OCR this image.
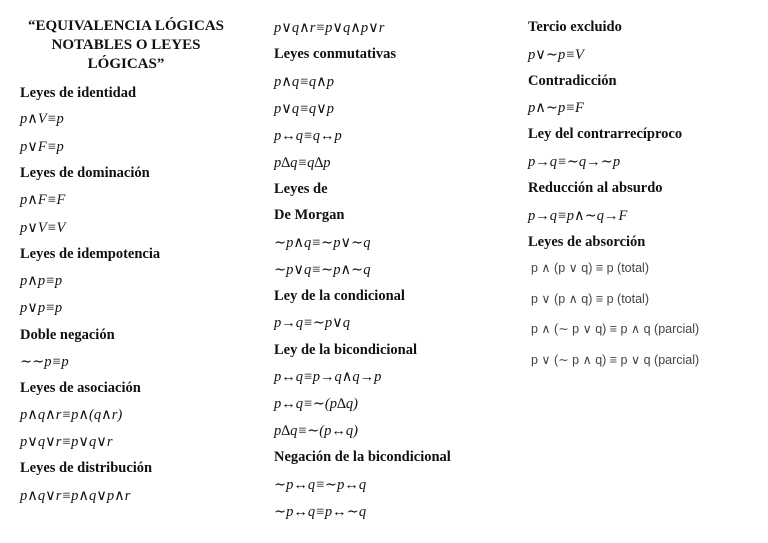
“EQUIVALENCIA LÓGICAS NOTABLES O LEYES LÓGICAS”
Leyes de identidad
p∧V≡p
p∨F≡p
Leyes de dominación
p∧F≡F
p∨V≡V
Leyes de idempotencia
p∧p≡p
p∨p≡p
Doble negación
∼∼p≡p
Leyes de asociación
p∧q∧r≡p∧(q∧r)
p∨q∨r≡p∨q∨r
Leyes de distribución
p∧q∨r≡p∧q∨p∧r
p∨q∧r≡p∨q∧p∨r
Leyes conmutativas
p∧q≡q∧p
p∨q≡q∨p
p↔q≡q↔p
p∆q≡q∆p
Leyes de
De Morgan
∼p∧q≡∼p∨∼q
∼p∨q≡∼p∧∼q
Ley de la condicional
p→q≡∼p∨q
Ley de la bicondicional
p↔q≡p→q∧q→p
p↔q≡∼(p∆q)
p∆q≡∼(p↔q)
Negación de la bicondicional
∼p↔q≡∼p↔q
∼p↔q≡p↔∼q
Tercio excluido
p∨∼p≡V
Contradicción
p∧∼p≡F
Ley del contrarrecíproco
p→q≡∼q→∼p
Reducción al absurdo
p→q≡p∧∼q→F
Leyes de absorción
p ∧ (p ∨ q) ≡ p (total)
p ∨ (p ∧ q) ≡ p (total)
p ∧ (∼ p ∨ q) ≡ p ∧ q (parcial)
p ∨ (∼ p ∧ q) ≡ p ∨ q (parcial)
